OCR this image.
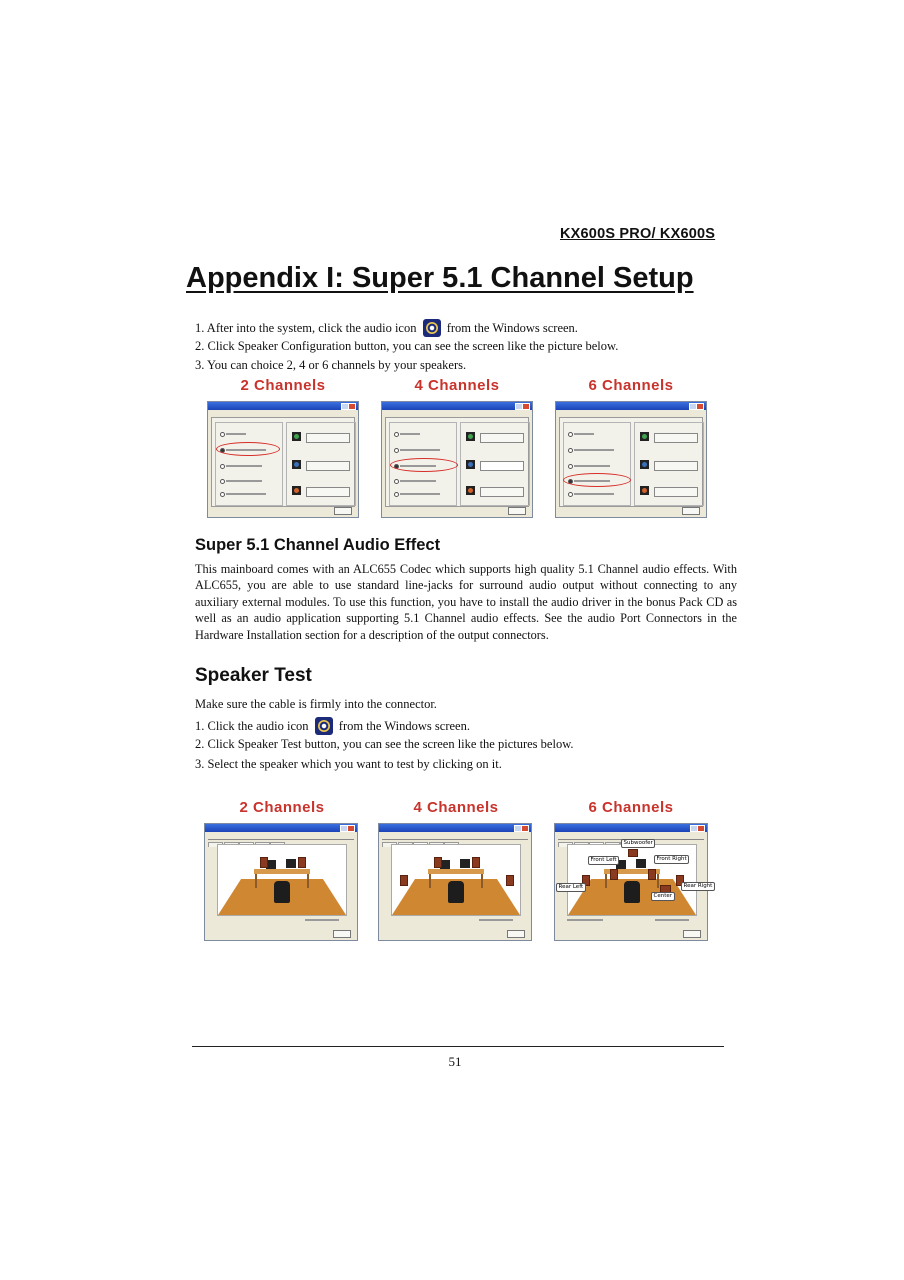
KX600S PRO/ KX600S
Appendix I: Super 5.1 Channel Setup
1. After into the system, click the audio icon from the Windows screen.
2. Click Speaker Configuration button, you can see the screen like the picture below.
3. You can choice 2, 4 or 6 channels by your speakers.
2 Channels	4 Channels	6 Channels
Super 5.1 Channel Audio Effect
This mainboard comes with an ALC655 Codec which supports high quality 5.1 Channel audio effects. With ALC655, you are able to use standard line-jacks for surround audio output without connecting to any auxiliary external modules. To use this function, you have to install the audio driver in the bonus Pack CD as well as an audio application supporting 5.1 Channel audio effects. See the audio Port Connectors in the Hardware Installation section for a description of the output connectors.
Speaker Test
Make sure the cable is firmly into the connector.
1. Click the audio icon from the Windows screen.
2. Click Speaker Test button, you can see the screen like the pictures below.
3. Select the speaker which you want to test by clicking on it.
2 Channels	4 Channels	6 Channels
Subwoofer
Front Left	Front Right
Rear Left	Rear Right
Center
51
